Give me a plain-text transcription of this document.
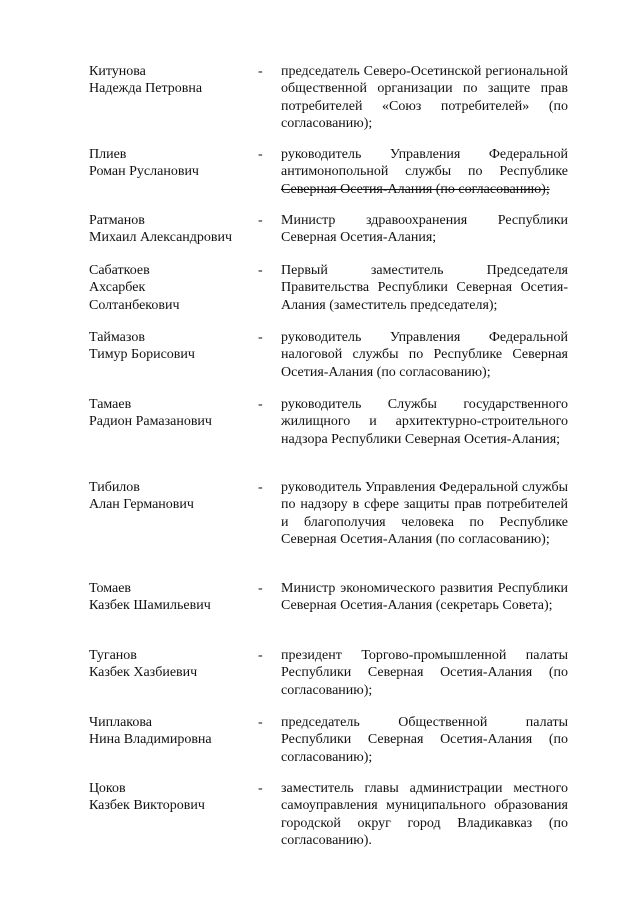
Китунова
Надежда Петровна
- председатель Северо-Осетинской региональной общественной организации по защите прав потребителей «Союз потребителей» (по согласованию);
Плиев
Роман Русланович
- руководитель Управления Федеральной антимонопольной службы по Республике Северная Осетия-Алания (по согласованию);
Ратманов
Михаил Александрович
- Министр здравоохранения Республики Северная Осетия-Алания;
Сабаткоев
Ахсарбек
Солтанбекович
- Первый заместитель Председателя Правительства Республики Северная Осетия-Алания (заместитель председателя);
Таймазов
Тимур Борисович
- руководитель Управления Федеральной налоговой службы по Республике Северная Осетия-Алания (по согласованию);
Тамаев
Радион Рамазанович
- руководитель Службы государственного жилищного и архитектурно-строительного надзора Республики Северная Осетия-Алания;
Тибилов
Алан Германович
- руководитель Управления Федеральной службы по надзору в сфере защиты прав потребителей и благополучия человека по Республике Северная Осетия-Алания (по согласованию);
Томаев
Казбек Шамильевич
- Министр экономического развития Республики Северная Осетия-Алания (секретарь Совета);
Туганов
Казбек Хазбиевич
- президент Торгово-промышленной палаты Республики Северная Осетия-Алания (по согласованию);
Чиплакова
Нина Владимировна
- председатель Общественной палаты Республики Северная Осетия-Алания (по согласованию);
Цоков
Казбек Викторович
- заместитель главы администрации местного самоуправления муниципального образования городской округ город Владикавказ (по согласованию).
